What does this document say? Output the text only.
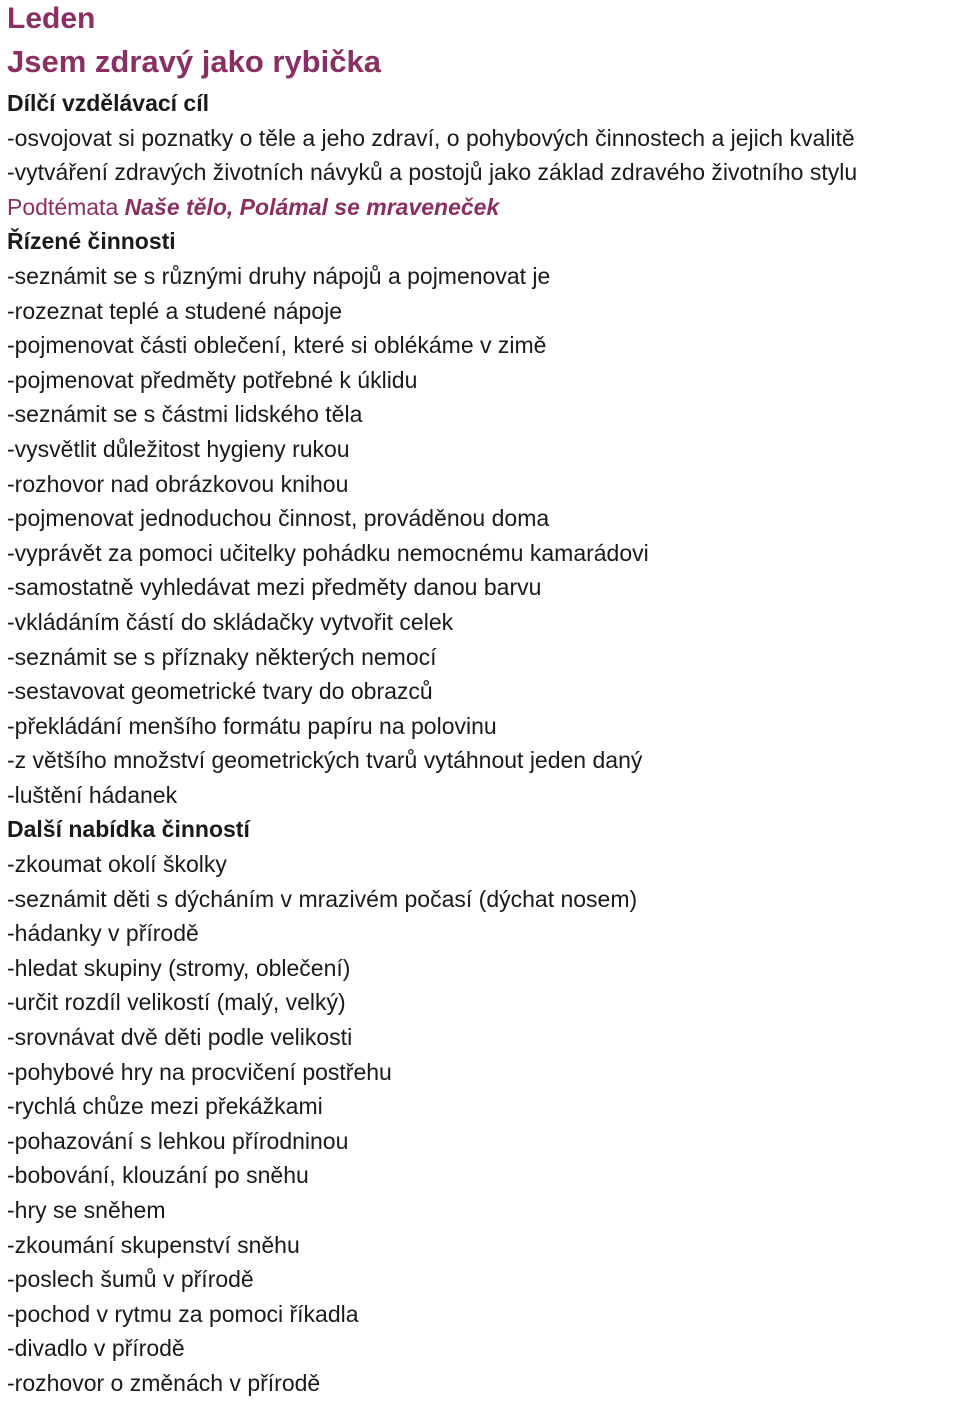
Leden
Jsem zdravý jako rybička
Dílčí vzdělávací cíl
-osvojovat si poznatky o těle a jeho zdraví, o pohybových činnostech a jejich kvalitě
-vytváření zdravých životních návyků a postojů jako základ zdravého životního stylu
Podtémata Naše tělo, Polámal se mraveneček
Řízené činnosti
-seznámit se s různými druhy nápojů a pojmenovat je
-rozeznat teplé a studené nápoje
-pojmenovat části oblečení, které si oblékáme v zimě
-pojmenovat předměty potřebné k úklidu
-seznámit se s částmi lidského těla
-vysvětlit důležitost hygieny rukou
-rozhovor nad obrázkovou knihou
-pojmenovat jednoduchou činnost, prováděnou doma
-vyprávět za pomoci učitelky pohádku nemocnému kamarádovi
-samostatně vyhledávat mezi předměty danou barvu
-vkládáním částí do skládačky vytvořit celek
-seznámit se s příznaky některých nemocí
-sestavovat geometrické tvary do obrazců
-překládání menšího formátu papíru na polovinu
-z většího množství geometrických tvarů vytáhnout jeden daný
-luštění hádanek
Další nabídka činností
-zkoumat okolí školky
-seznámit děti s dýcháním v mrazivém počasí (dýchat nosem)
-hádanky v přírodě
-hledat skupiny (stromy, oblečení)
-určit rozdíl velikostí (malý, velký)
-srovnávat dvě děti podle velikosti
-pohybové hry na procvičení postřehu
-rychlá chůze mezi překážkami
-pohazování s lehkou přírodninou
-bobování, klouzání po sněhu
-hry se sněhem
-zkoumání skupenství sněhu
-poslech šumů v přírodě
-pochod v rytmu za pomoci říkadla
-divadlo v přírodě
-rozhovor o změnách v přírodě
